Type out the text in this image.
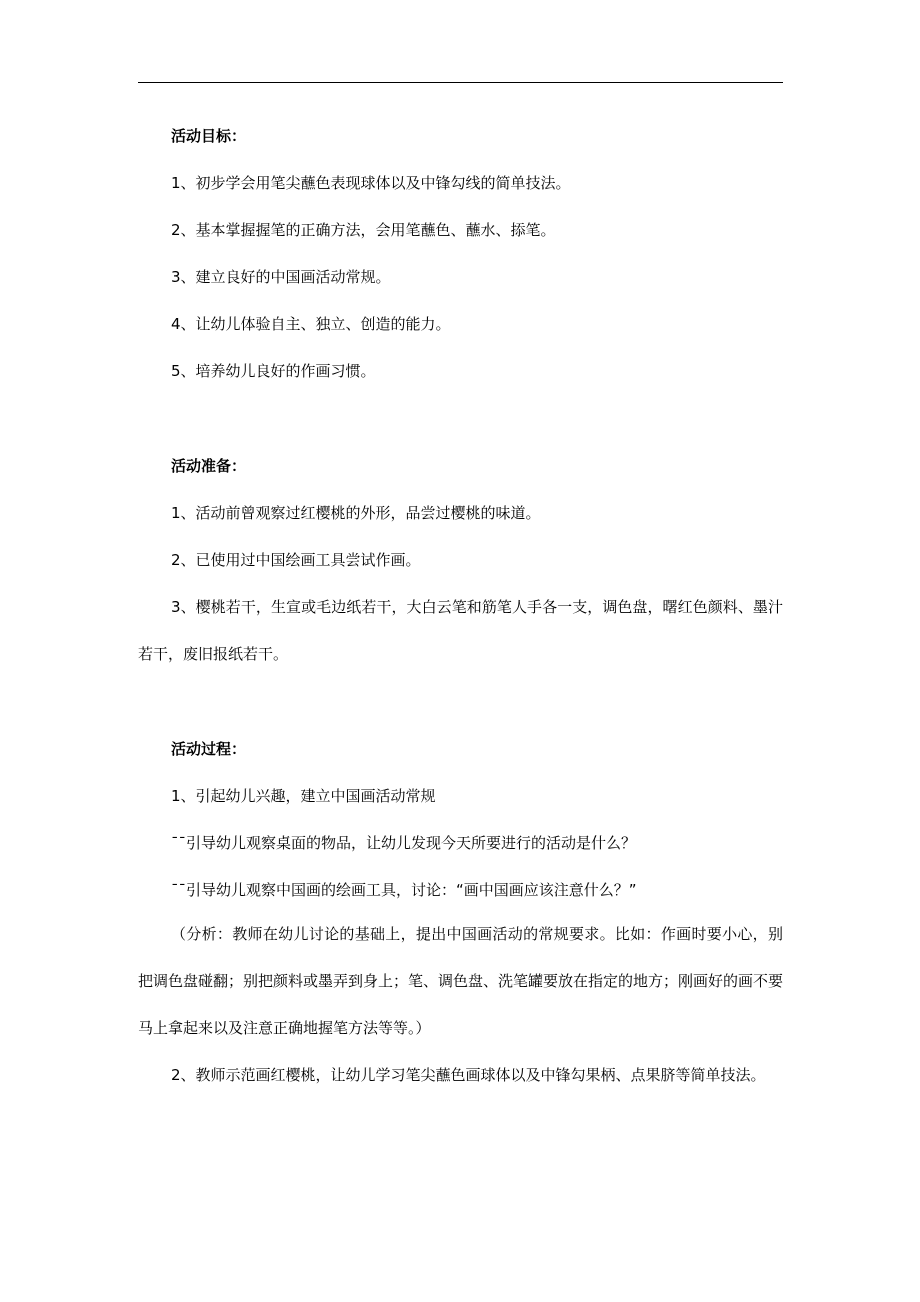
活动目标：

1、初步学会用笔尖蘸色表现球体以及中锋勾线的简单技法。

2、基本掌握握笔的正确方法，会用笔蘸色、蘸水、掭笔。

3、建立良好的中国画活动常规。

4、让幼儿体验自主、独立、创造的能力。

5、培养幼儿良好的作画习惯。

活动准备：

1、活动前曾观察过红樱桃的外形，品尝过樱桃的味道。

2、已使用过中国绘画工具尝试作画。

3、樱桃若干，生宣或毛边纸若干，大白云笔和筋笔人手各一支，调色盘，曙红色颜料、墨汁若干，废旧报纸若干。

活动过程：

1、引起幼儿兴趣，建立中国画活动常规

¯¯引导幼儿观察桌面的物品，让幼儿发现今天所要进行的活动是什么？

¯¯引导幼儿观察中国画的绘画工具，讨论：“画中国画应该注意什么？”

（分析：教师在幼儿讨论的基础上，提出中国画活动的常规要求。比如：作画时要小心，别把调色盘碰翻；别把颜料或墨弄到身上；笔、调色盘、洗笔罐要放在指定的地方；刚画好的画不要马上拿起来以及注意正确地握笔方法等等。）

2、教师示范画红樱桃，让幼儿学习笔尖蘸色画球体以及中锋勾果柄、点果脐等简单技法。
